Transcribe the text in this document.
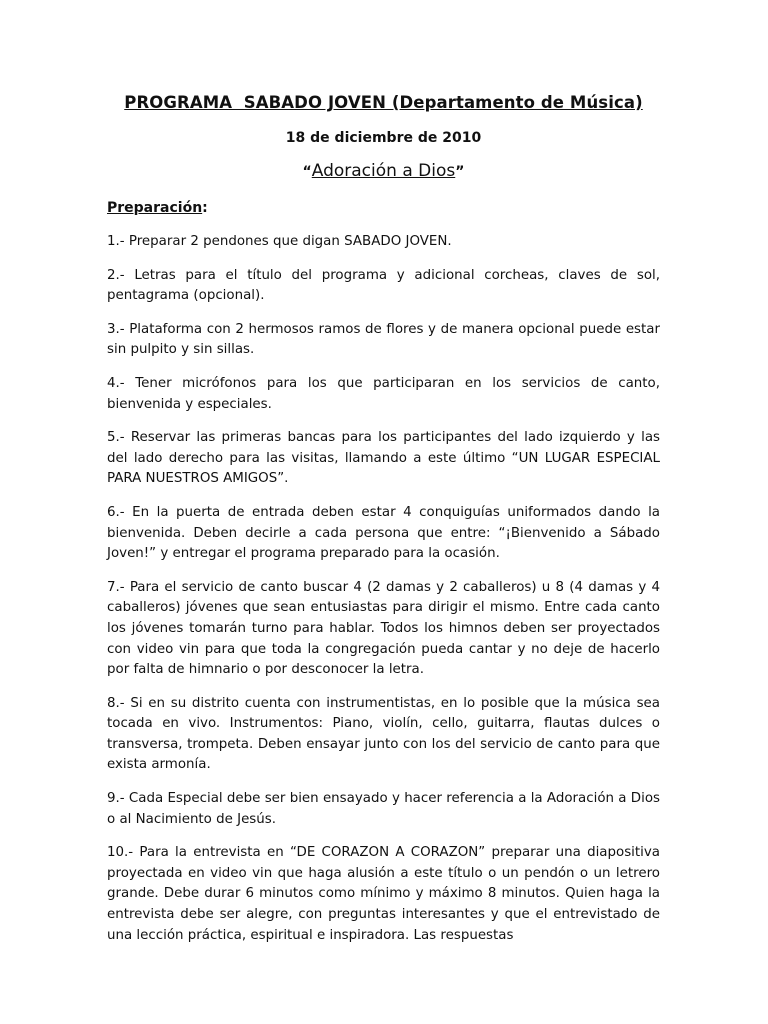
PROGRAMA  SABADO JOVEN (Departamento de Música)

18 de diciembre de 2010

“Adoración a Dios”

Preparación:

1.- Preparar 2 pendones que digan SABADO JOVEN.

2.- Letras para el título del programa y adicional corcheas, claves de sol, pentagrama (opcional).

3.- Plataforma con 2 hermosos ramos de flores y de manera opcional puede estar sin pulpito y sin sillas.

4.- Tener micrófonos para los que participaran en los servicios de canto, bienvenida y especiales.

5.- Reservar las primeras bancas para los participantes del lado izquierdo y las del lado derecho para las visitas, llamando a este último “UN LUGAR ESPECIAL PARA NUESTROS AMIGOS”.

6.- En la puerta de entrada deben estar 4 conquiguías uniformados dando la bienvenida. Deben decirle a cada persona que entre: “¡Bienvenido a Sábado Joven!” y entregar el programa preparado para la ocasión.

7.- Para el servicio de canto buscar 4 (2 damas y 2 caballeros) u 8 (4 damas y 4 caballeros) jóvenes que sean entusiastas para dirigir el mismo. Entre cada canto los jóvenes tomarán turno para hablar. Todos los himnos deben ser proyectados con video vin para que toda la congregación pueda cantar y no deje de hacerlo por falta de himnario o por desconocer la letra.

8.- Si en su distrito cuenta con instrumentistas, en lo posible que la música sea tocada en vivo. Instrumentos: Piano, violín, cello, guitarra, flautas dulces o transversa, trompeta. Deben ensayar junto con los del servicio de canto para que exista armonía.

9.- Cada Especial debe ser bien ensayado y hacer referencia a la Adoración a Dios o al Nacimiento de Jesús.

10.- Para la entrevista en “DE CORAZON A CORAZON” preparar una diapositiva proyectada en video vin que haga alusión a este título o un pendón o un letrero grande. Debe durar 6 minutos como mínimo y máximo 8 minutos. Quien haga la entrevista debe ser alegre, con preguntas interesantes y que el entrevistado de una lección práctica, espiritual e inspiradora. Las respuestas
